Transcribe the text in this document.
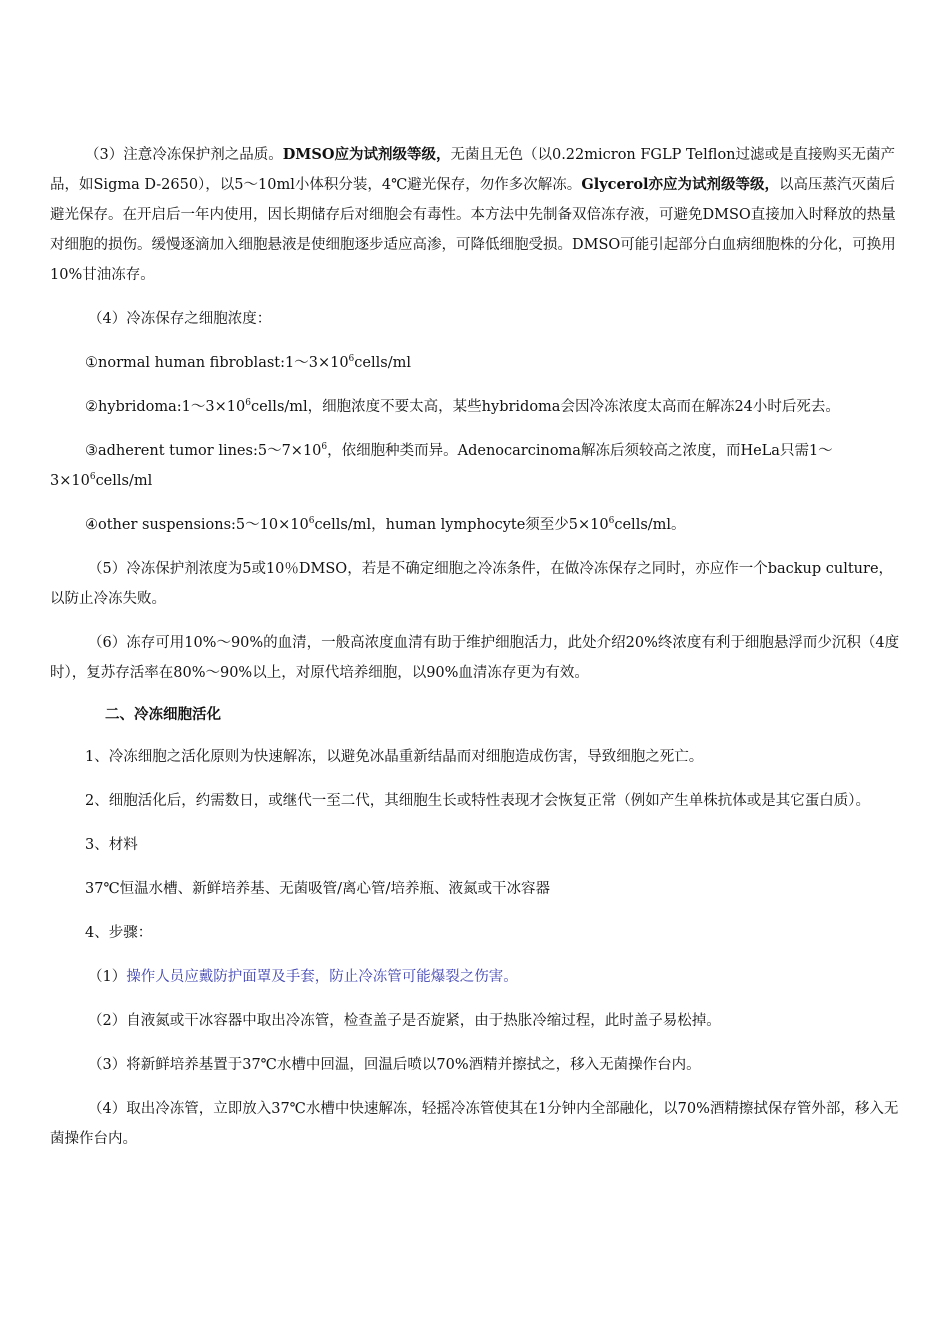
（3）注意冷冻保护剂之品质。DMSO应为试剂级等级，无菌且无色（以0.22micron FGLP Telflon过滤或是直接购买无菌产品，如Sigma D-2650），以5～10ml小体积分装，4℃避光保存，勿作多次解冻。Glycerol亦应为试剂级等级，以高压蒸汽灭菌后避光保存。在开启后一年内使用，因长期储存后对细胞会有毒性。本方法中先制备双倍冻存液，可避免DMSO直接加入时释放的热量对细胞的损伤。缓慢逐滴加入细胞悬液是使细胞逐步适应高渗，可降低细胞受损。DMSO可能引起部分白血病细胞株的分化，可换用10%甘油冻存。

（4）冷冻保存之细胞浓度：

①normal human $fibroblast:1\sim 3\times 10^6cells/ml$

$②hybridoma:1\sim 3\times 10^6cells/ml$，细胞浓度不要太高，某些hybridoma会因冷冻浓度太高而在解冻24小时后死去。

③adherent tumor $lines:5\sim 7\times 10^6$，依细胞种类而异。Adenocarcinoma解冻后须较高之浓度，而HeLa只需$1\sim 3\times 10^6cells/ml$

④other $suspensions:5\sim 10\times 10^6cells/ml$，human lymphocyte须至少$5\times 10^6cells/ml$。

（5）冷冻保护剂浓度为5或10％DMSO，若是不确定细胞之冷冻条件，在做冷冻保存之同时，亦应作一个backup culture，以防止冷冻失败。

（6）冻存可用10%～90%的血清，一般高浓度血清有助于维护细胞活力，此处介绍20%终浓度有利于细胞悬浮而少沉积（4度时），复苏存活率在80%～90%以上，对原代培养细胞，以90%血清冻存更为有效。

二、冷冻细胞活化

1、冷冻细胞之活化原则为快速解冻，以避免冰晶重新结晶而对细胞造成伤害，导致细胞之死亡。

2、细胞活化后，约需数日，或继代一至二代，其细胞生长或特性表现才会恢复正常（例如产生单株抗体或是其它蛋白质）。

3、材料

37℃恒温水槽、新鲜培养基、无菌吸管/离心管/培养瓶、液氮或干冰容器

4、步骤：

（1）操作人员应戴防护面罩及手套，防止冷冻管可能爆裂之伤害。

（2）自液氮或干冰容器中取出冷冻管，检查盖子是否旋紧，由于热胀冷缩过程，此时盖子易松掉。

（3）将新鲜培养基置于37℃水槽中回温，回温后喷以70%酒精并擦拭之，移入无菌操作台内。

（4）取出冷冻管，立即放入37℃水槽中快速解冻，轻摇冷冻管使其在1分钟内全部融化，以70%酒精擦拭保存管外部，移入无菌操作台内。
